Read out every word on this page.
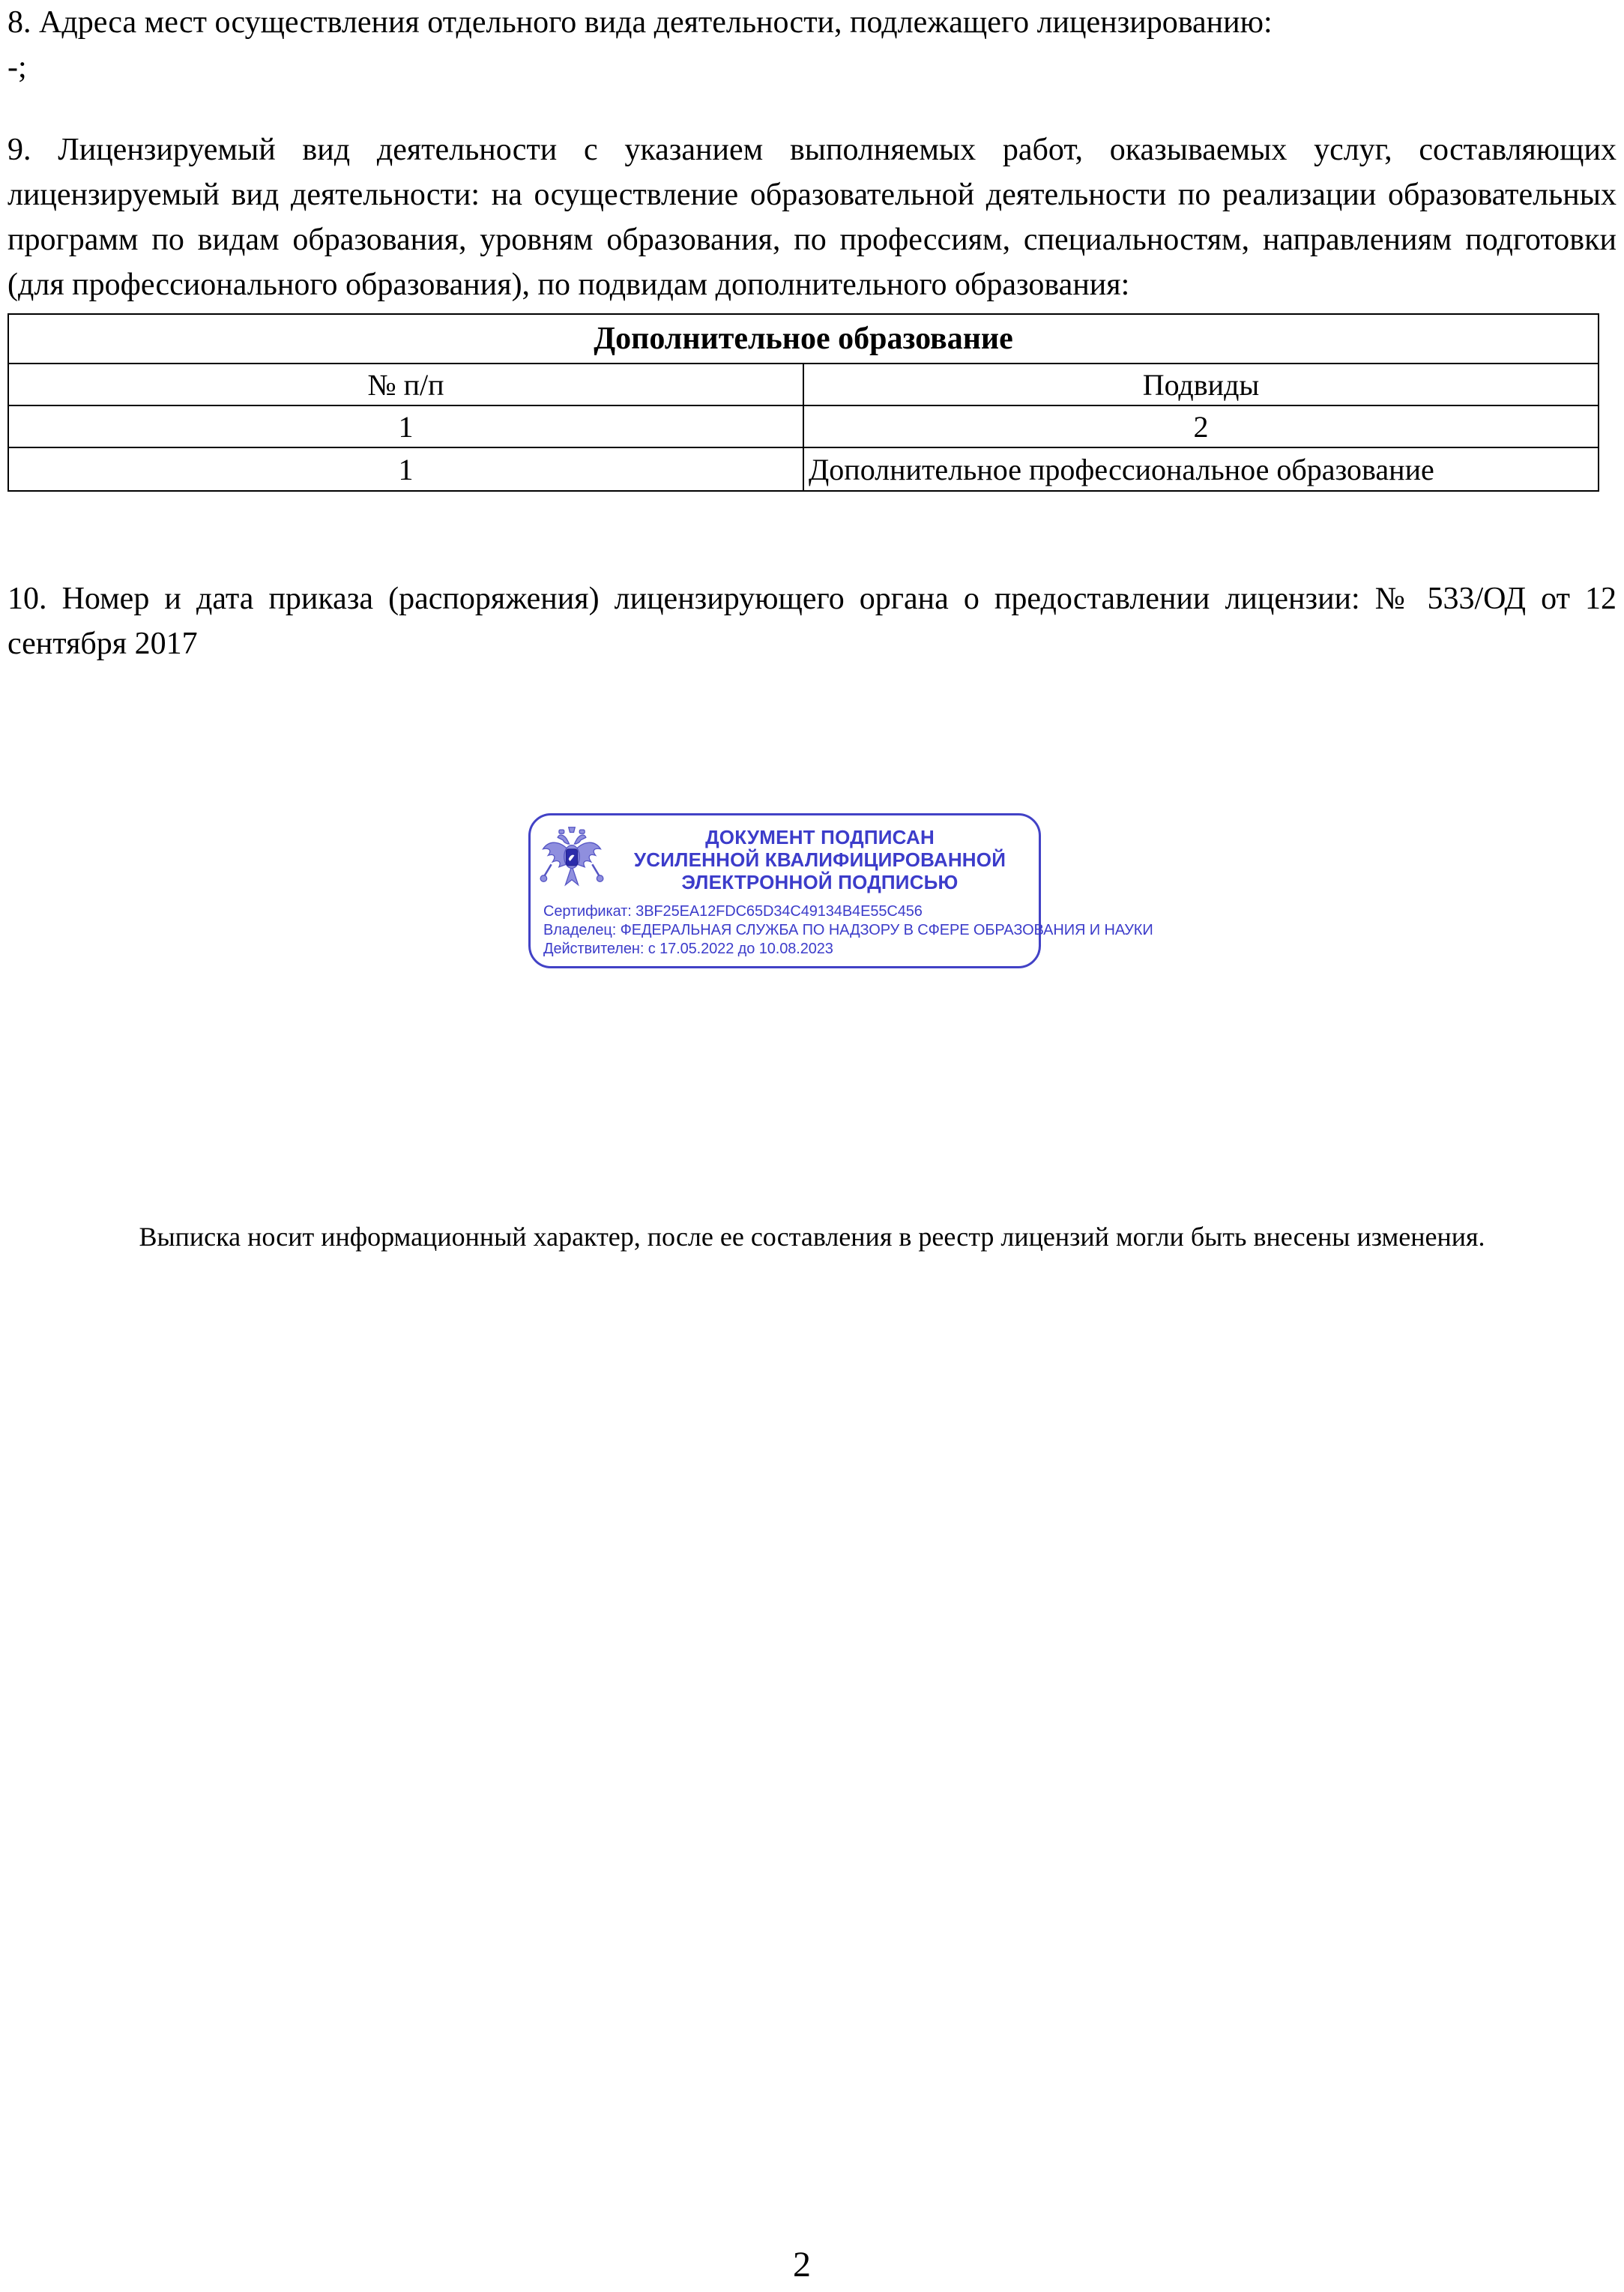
8. Адреса мест осуществления отдельного вида деятельности, подлежащего лицензированию:

-;

9. Лицензируемый вид деятельности с указанием выполняемых работ, оказываемых услуг, составляющих лицензируемый вид деятельности: на осуществление образовательной деятельности по реализации образовательных программ по видам образования, уровням образования, по профессиям, специальностям, направлениям подготовки (для профессионального образования), по подвидам дополнительного образования:

Дополнительное образование	
№ п/п	Подвиды
1	2
1	Дополнительное профессиональное образование

10. Номер и дата приказа (распоряжения) лицензирующего органа о предоставлении лицензии: № 533/ОД от 12 сентября 2017

ДОКУМЕНТ ПОДПИСАН
УСИЛЕННОЙ КВАЛИФИЦИРОВАННОЙ
ЭЛЕКТРОННОЙ ПОДПИСЬЮ
Сертификат: 3BF25EA12FDC65D34C49134B4E55C456
Владелец: ФЕДЕРАЛЬНАЯ СЛУЖБА ПО НАДЗОРУ В СФЕРЕ ОБРАЗОВАНИЯ И НАУКИ
Действителен: с 17.05.2022 до 10.08.2023

Выписка носит информационный характер, после ее составления в реестр лицензий могли быть внесены изменения.

2
